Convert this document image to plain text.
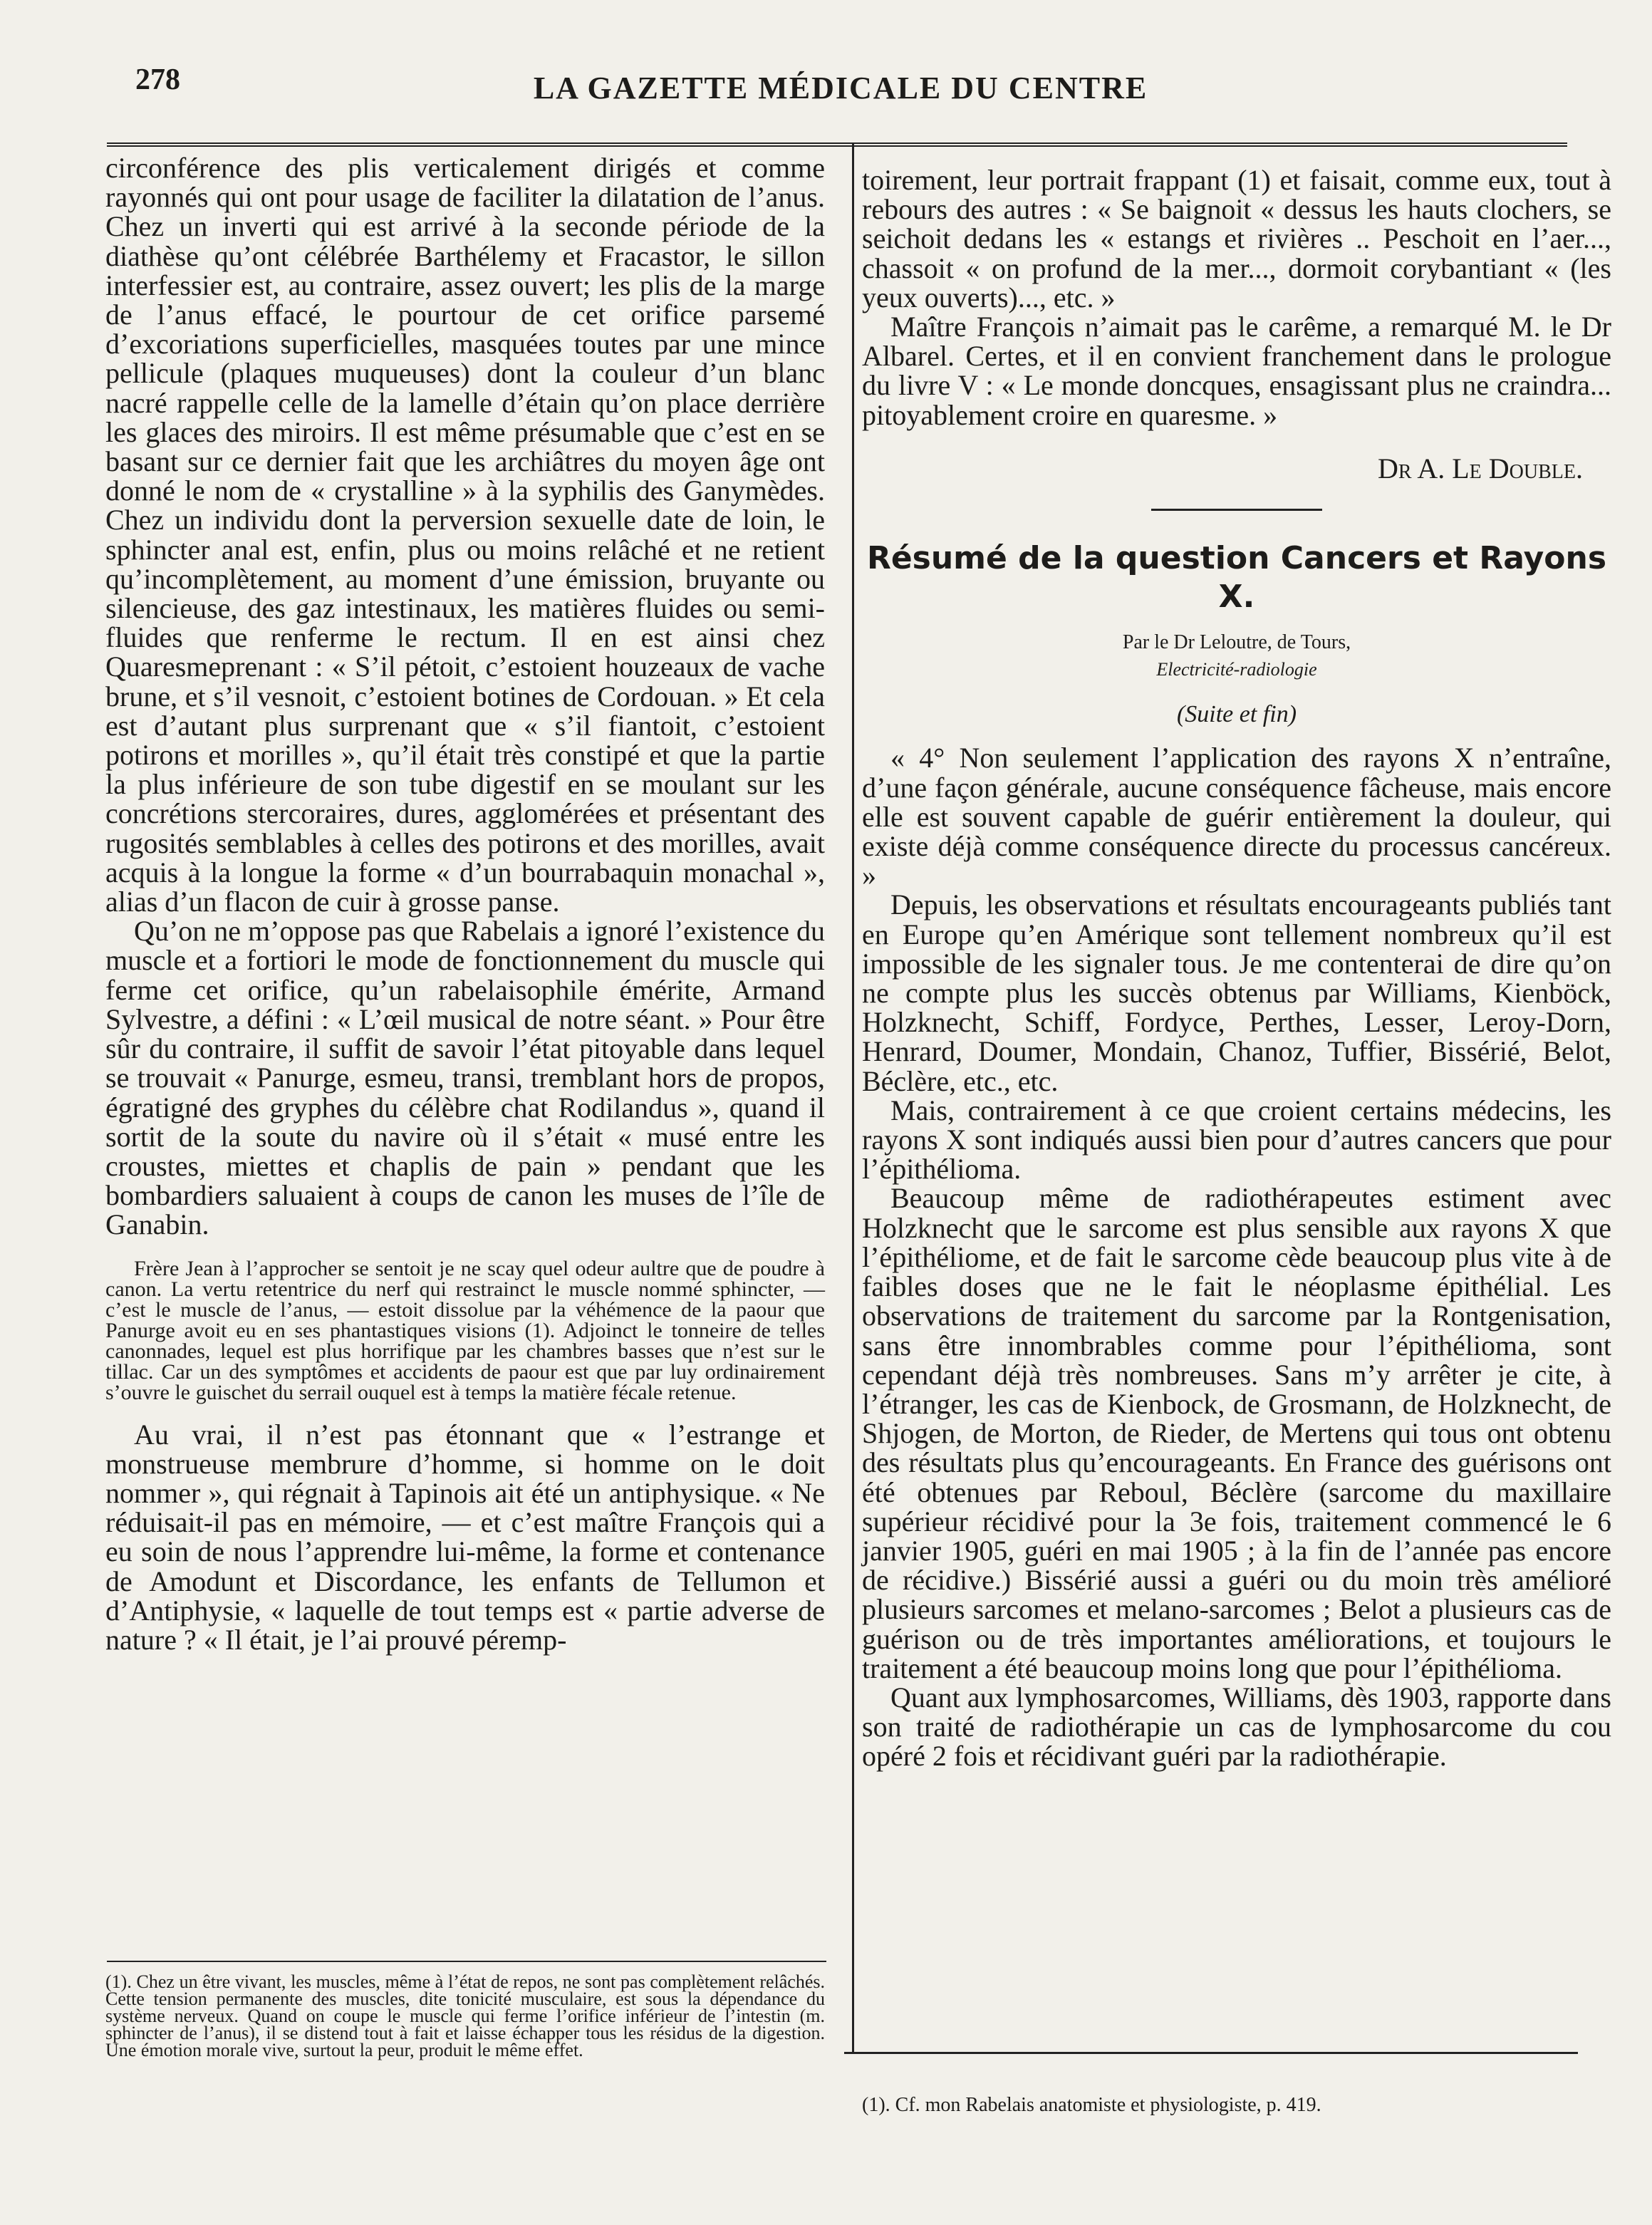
278	LA GAZETTE MÉDICALE DU CENTRE

circonférence des plis verticalement dirigés et comme rayonnés qui ont pour usage de faciliter la dilatation de l’anus. Chez un inverti qui est arrivé à la seconde période de la diathèse qu’ont célébrée Barthélemy et Fracastor, le sillon interfessier est, au contraire, assez ouvert; les plis de la marge de l’anus effacé, le pourtour de cet orifice parsemé d’excoriations superficielles, masquées toutes par une mince pellicule (plaques muqueuses) dont la couleur d’un blanc nacré rappelle celle de la lamelle d’étain qu’on place derrière les glaces des miroirs. Il est même présumable que c’est en se basant sur ce dernier fait que les archiâtres du moyen âge ont donné le nom de « crystalline » à la syphilis des Ganymèdes. Chez un individu dont la perversion sexuelle date de loin, le sphincter anal est, enfin, plus ou moins relâché et ne retient qu’incomplètement, au moment d’une émission, bruyante ou silencieuse, des gaz intestinaux, les matières fluides ou semi-fluides que renferme le rectum. Il en est ainsi chez Quaresmeprenant : « S’il pétoit, c’estoient houzeaux de vache brune, et s’il vesnoit, c’estoient botines de Cordouan. » Et cela est d’autant plus surprenant que « s’il fiantoit, c’estoient potirons et morilles », qu’il était très constipé et que la partie la plus inférieure de son tube digestif en se moulant sur les concrétions stercoraires, dures, agglomérées et présentant des rugosités semblables à celles des potirons et des morilles, avait acquis à la longue la forme « d’un bourrabaquin monachal », alias d’un flacon de cuir à grosse panse.

Qu’on ne m’oppose pas que Rabelais a ignoré l’existence du muscle et a fortiori le mode de fonctionnement du muscle qui ferme cet orifice, qu’un rabelaisophile émérite, Armand Sylvestre, a défini : « L’œil musical de notre séant. » Pour être sûr du contraire, il suffit de savoir l’état pitoyable dans lequel se trouvait « Panurge, esmeu, transi, tremblant hors de propos, égratigné des gryphes du célèbre chat Rodilandus », quand il sortit de la soute du navire où il s’était « musé entre les croustes, miettes et chaplis de pain » pendant que les bombardiers saluaient à coups de canon les muses de l’île de Ganabin.

Frère Jean à l’approcher se sentoit je ne scay quel odeur aultre que de poudre à canon. La vertu retentrice du nerf qui restrainct le muscle nommé sphincter, — c’est le muscle de l’anus, — estoit dissolue par la véhémence de la paour que Panurge avoit eu en ses phantastiques visions (1). Adjoinct le tonneire de telles canonnades, lequel est plus horrifique par les chambres basses que n’est sur le tillac. Car un des symptômes et accidents de paour est que par luy ordinairement s’ouvre le guischet du serrail ouquel est à temps la matière fécale retenue.

Au vrai, il n’est pas étonnant que « l’estrange et monstrueuse membrure d’homme, si homme on le doit nommer », qui régnait à Tapinois ait été un antiphysique. « Ne réduisait-il pas en mémoire, — et c’est maître François qui a eu soin de nous l’apprendre lui-même, la forme et contenance de Amodunt et Discordance, les enfants de Tellumon et d’Antiphysie, « laquelle de tout temps est « partie adverse de nature ? « Il était, je l’ai prouvé péremp-

(1). Chez un être vivant, les muscles, même à l’état de repos, ne sont pas complètement relâchés. Cette tension permanente des muscles, dite tonicité musculaire, est sous la dépendance du système nerveux. Quand on coupe le muscle qui ferme l’orifice inférieur de l’intestin (m. sphincter de l’anus), il se distend tout à fait et laisse échapper tous les résidus de la digestion. Une émotion morale vive, surtout la peur, produit le même effet.

toirement, leur portrait frappant (1) et faisait, comme eux, tout à rebours des autres : « Se baignoit « dessus les hauts clochers, se seichoit dedans les « estangs et rivières .. Peschoit en l’aer..., chassoit « on profund de la mer..., dormoit corybantiant « (les yeux ouverts)..., etc. »

Maître François n’aimait pas le carême, a remarqué M. le Dr Albarel. Certes, et il en convient franchement dans le prologue du livre V : « Le monde doncques, ensagissant plus ne craindra... pitoyablement croire en quaresme. »

Dr A. Le Double.

Résumé de la question Cancers et Rayons X.

Par le Dr Leloutre, de Tours,

Electricité-radiologie

(Suite et fin)

« 4° Non seulement l’application des rayons X n’entraîne, d’une façon générale, aucune conséquence fâcheuse, mais encore elle est souvent capable de guérir entièrement la douleur, qui existe déjà comme conséquence directe du processus cancéreux. »

Depuis, les observations et résultats encourageants publiés tant en Europe qu’en Amérique sont tellement nombreux qu’il est impossible de les signaler tous. Je me contenterai de dire qu’on ne compte plus les succès obtenus par Williams, Kienböck, Holzknecht, Schiff, Fordyce, Perthes, Lesser, Leroy-Dorn, Henrard, Doumer, Mondain, Chanoz, Tuffier, Bissérié, Belot, Béclère, etc., etc.

Mais, contrairement à ce que croient certains médecins, les rayons X sont indiqués aussi bien pour d’autres cancers que pour l’épithélioma.

Beaucoup même de radiothérapeutes estiment avec Holzknecht que le sarcome est plus sensible aux rayons X que l’épithéliome, et de fait le sarcome cède beaucoup plus vite à de faibles doses que ne le fait le néoplasme épithélial. Les observations de traitement du sarcome par la Rontgenisation, sans être innombrables comme pour l’épithélioma, sont cependant déjà très nombreuses. Sans m’y arrêter je cite, à l’étranger, les cas de Kienbock, de Grosmann, de Holzknecht, de Shjogen, de Morton, de Rieder, de Mertens qui tous ont obtenu des résultats plus qu’encourageants. En France des guérisons ont été obtenues par Reboul, Béclère (sarcome du maxillaire supérieur récidivé pour la 3e fois, traitement commencé le 6 janvier 1905, guéri en mai 1905 ; à la fin de l’année pas encore de récidive.) Bissérié aussi a guéri ou du moin très amélioré plusieurs sarcomes et melano-sarcomes ; Belot a plusieurs cas de guérison ou de très importantes améliorations, et toujours le traitement a été beaucoup moins long que pour l’épithélioma.

Quant aux lymphosarcomes, Williams, dès 1903, rapporte dans son traité de radiothérapie un cas de lymphosarcome du cou opéré 2 fois et récidivant guéri par la radiothérapie.

(1). Cf. mon Rabelais anatomiste et physiologiste, p. 419.
